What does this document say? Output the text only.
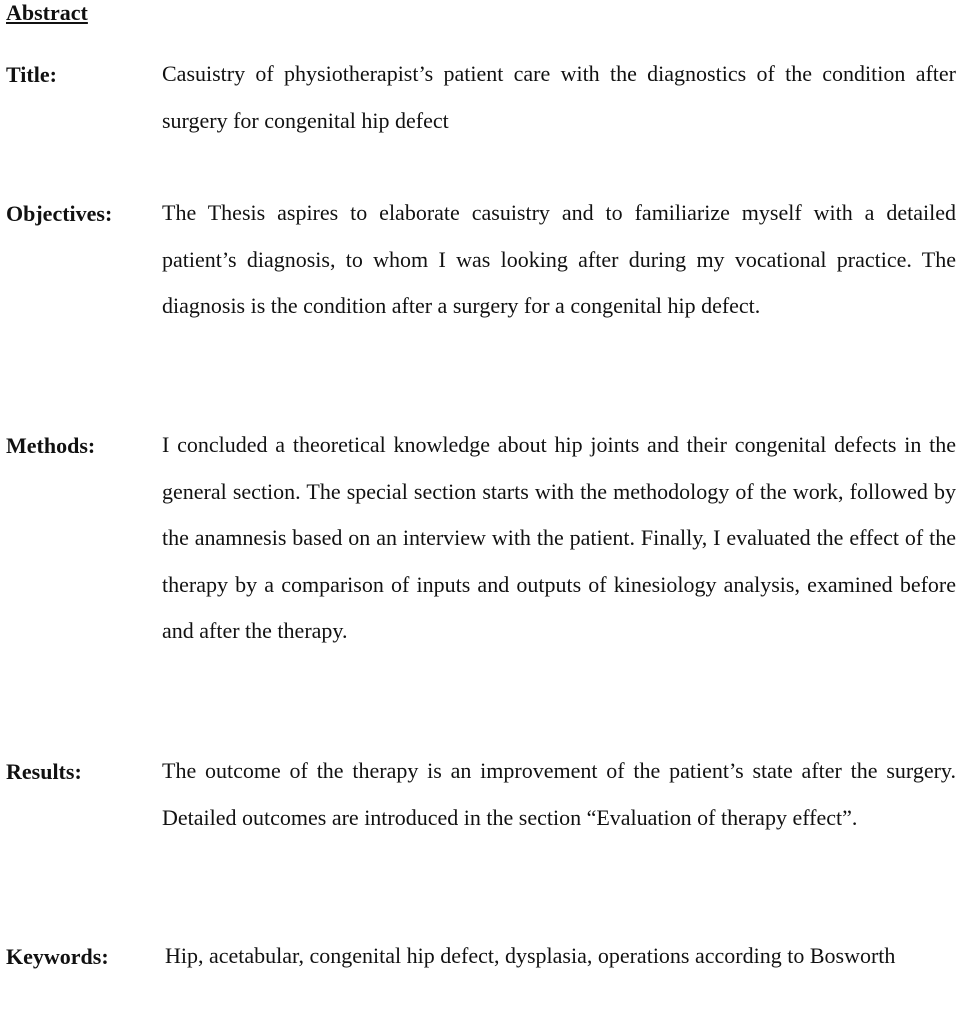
Abstract
Title:	Casuistry of physiotherapist’s patient care with the diagnostics of the condition after surgery for congenital hip defect

Objectives: The Thesis aspires to elaborate casuistry and to familiarize myself with a detailed patient’s diagnosis, to whom I was looking after during my vocational practice. The diagnosis is the condition after a surgery for a congenital hip defect.

Methods:	I concluded a theoretical knowledge about hip joints and their congenital defects in the general section. The special section starts with the methodology of the work, followed by the anamnesis based on an interview with the patient. Finally, I evaluated the effect of the therapy by a comparison of inputs and outputs of kinesiology analysis, examined before and after the therapy.

Results:	The outcome of the therapy is an improvement of the patient’s state after the surgery. Detailed outcomes are introduced in the section “Evaluation of therapy effect”.

Keywords:	Hip, acetabular, congenital hip defect, dysplasia, operations according to Bosworth
